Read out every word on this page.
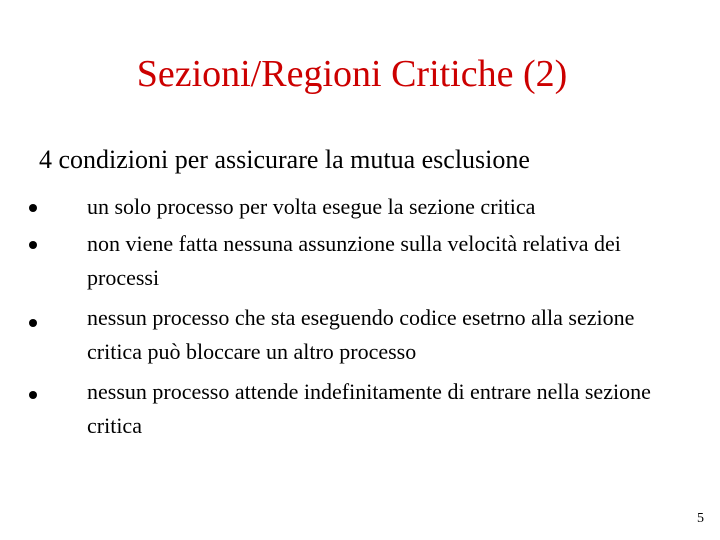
Sezioni/Regioni Critiche (2)

4 condizioni per assicurare la mutua esclusione

un solo processo per volta esegue la sezione critica
non viene fatta nessuna assunzione sulla velocità relativa dei processi
nessun processo che sta eseguendo codice esetrno alla sezione critica può bloccare un altro processo
nessun processo attende indefinitamente di entrare nella sezione critica
5
